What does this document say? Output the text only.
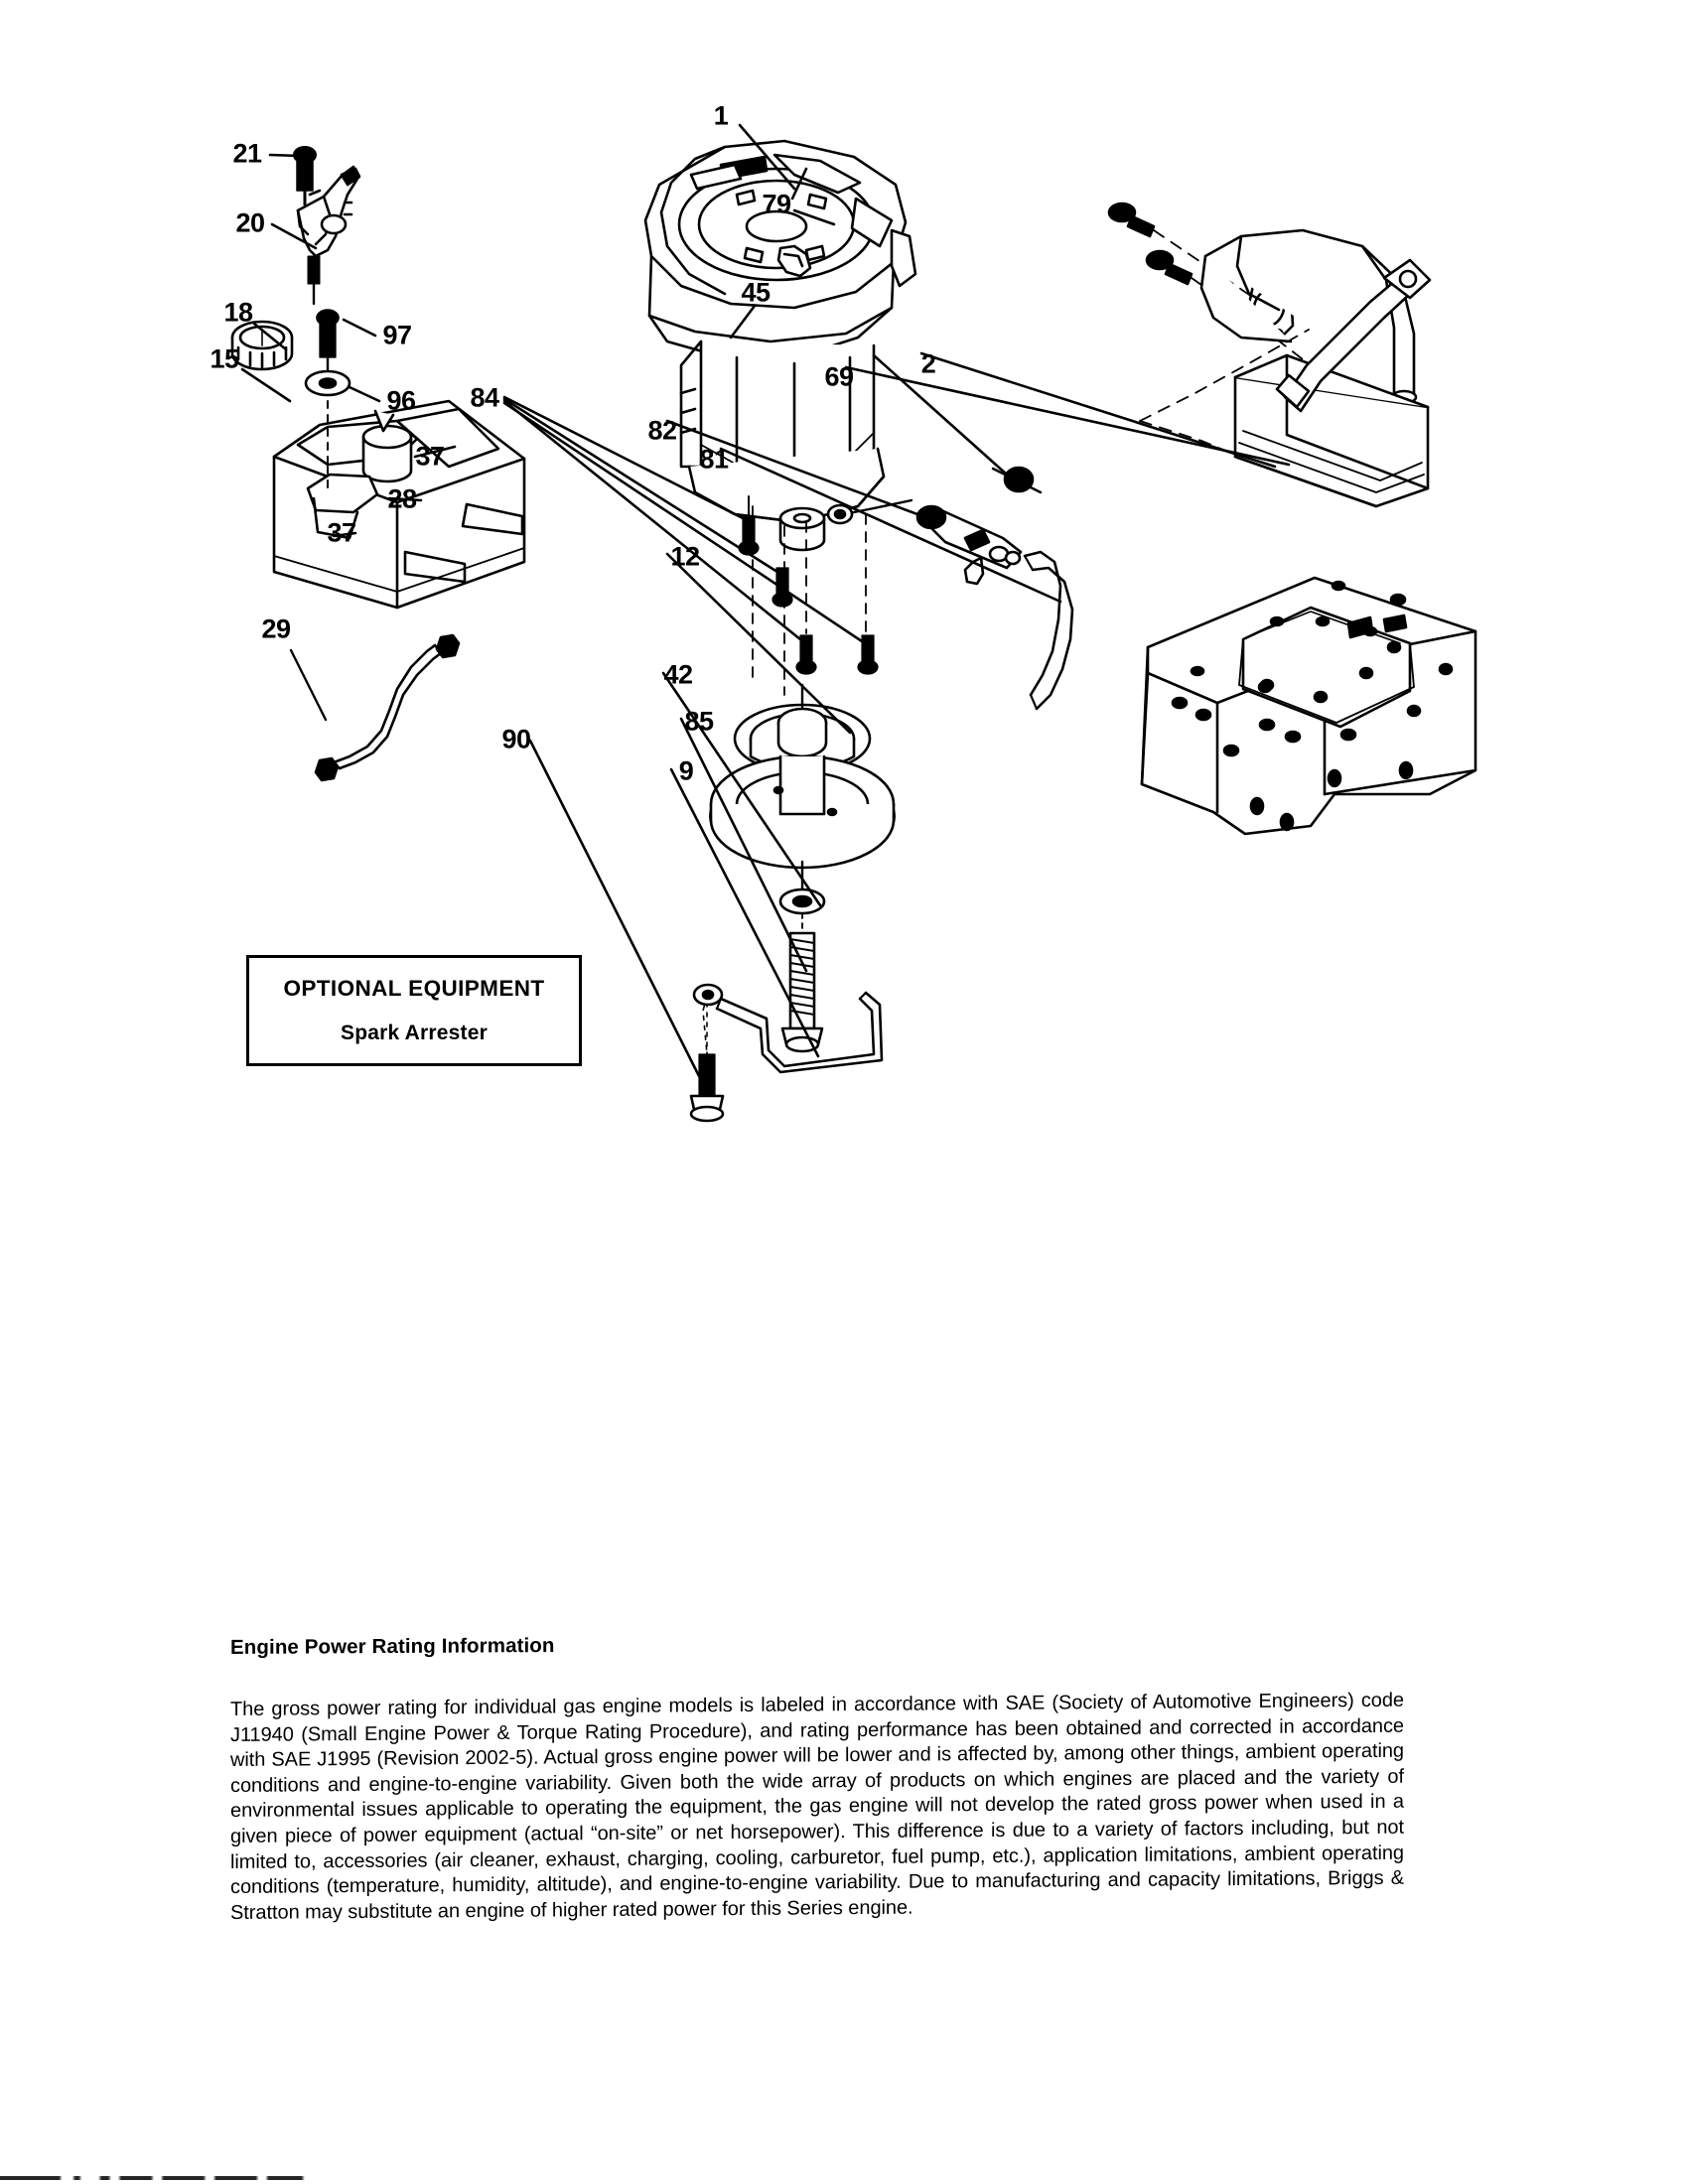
1
21
20
79
45
18
97
15	2
69
96 84
82
81
37
28
37
12
29
42
85
90
9
OPTIONAL EQUIPMENT
Spark Arrester
Engine Power Rating Information

The gross power rating for individual gas engine models is labeled in accordance with SAE (Society of Automotive Engineers) code J11940 (Small Engine Power & Torque Rating Procedure), and rating performance has been obtained and corrected in accordance with SAE J1995 (Revision 2002-5). Actual gross engine power will be lower and is affected by, among other things, ambient operating conditions and engine-to-engine variability. Given both the wide array of products on which engines are placed and the variety of environmental issues applicable to operating the equipment, the gas engine will not develop the rated gross power when used in a given piece of power equipment (actual “on-site” or net horsepower). This difference is due to a variety of factors including, but not limited to, accessories (air cleaner, exhaust, charging, cooling, carburetor, fuel pump, etc.), application limitations, ambient operating conditions (temperature, humidity, altitude), and engine-to-engine variability. Due to manufacturing and capacity limitations, Briggs & Stratton may substitute an engine of higher rated power for this Series engine.
